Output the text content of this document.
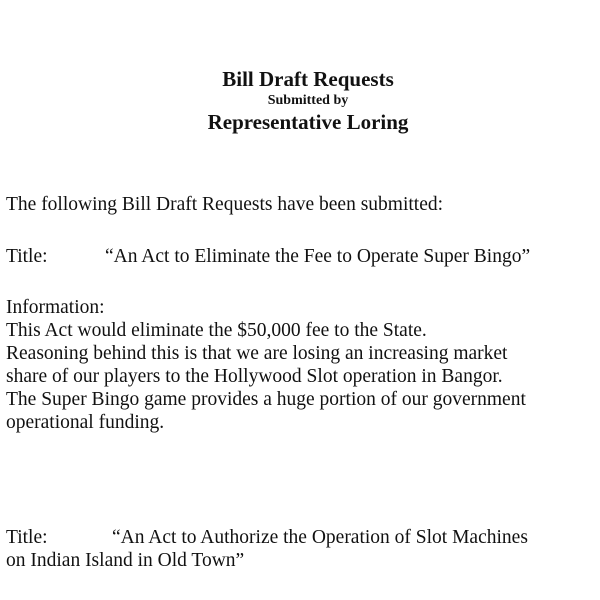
Bill Draft Requests
Submitted by
Representative Loring
The following Bill Draft Requests have been submitted:
Title:	“An Act to Eliminate the Fee to Operate Super Bingo”
Information:
This Act would eliminate the $50,000 fee to the State.
Reasoning behind this is that we are losing an increasing market
share of our players to the Hollywood Slot operation in Bangor.
The Super Bingo game provides a huge portion of our government
operational funding.
Title:	“An Act to Authorize the Operation of Slot Machines
on Indian Island in Old Town”
